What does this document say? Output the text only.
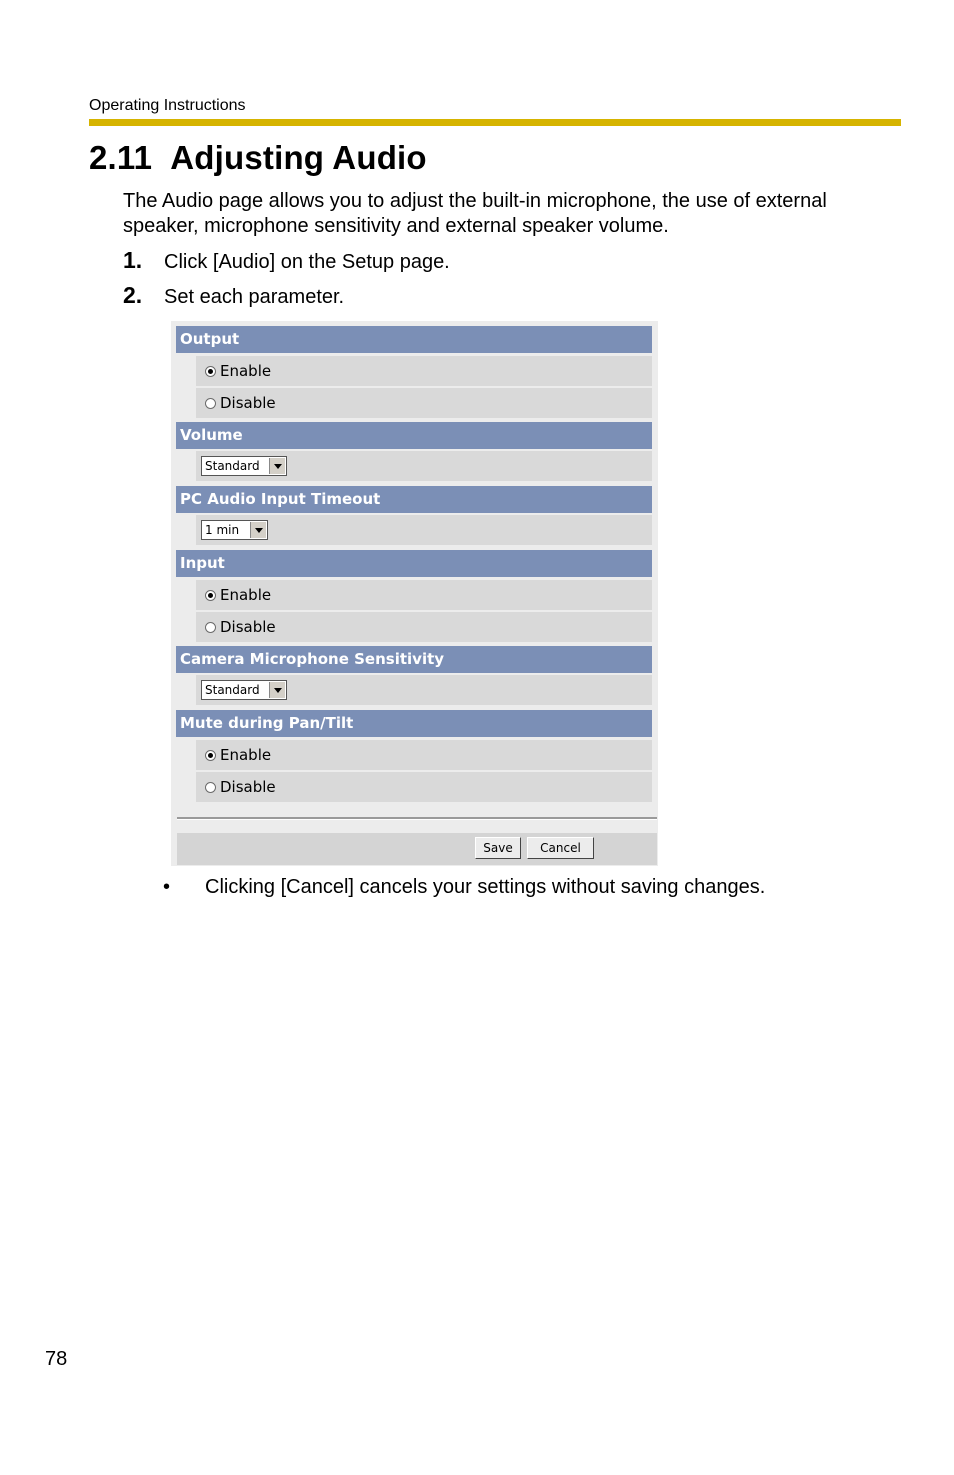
Operating Instructions
2.11 Adjusting Audio

The Audio page allows you to adjust the built-in microphone, the use of external speaker, microphone sensitivity and external speaker volume.

1. Click [Audio] on the Setup page.
2. Set each parameter.
Output
Enable
Disable
Volume
Standard
PC Audio Input Timeout
1 min
Input
Enable
Disable
Camera Microphone Sensitivity
Standard
Mute during Pan/Tilt
Enable
Disable
Save	Cancel
• Clicking [Cancel] cancels your settings without saving changes.
78
